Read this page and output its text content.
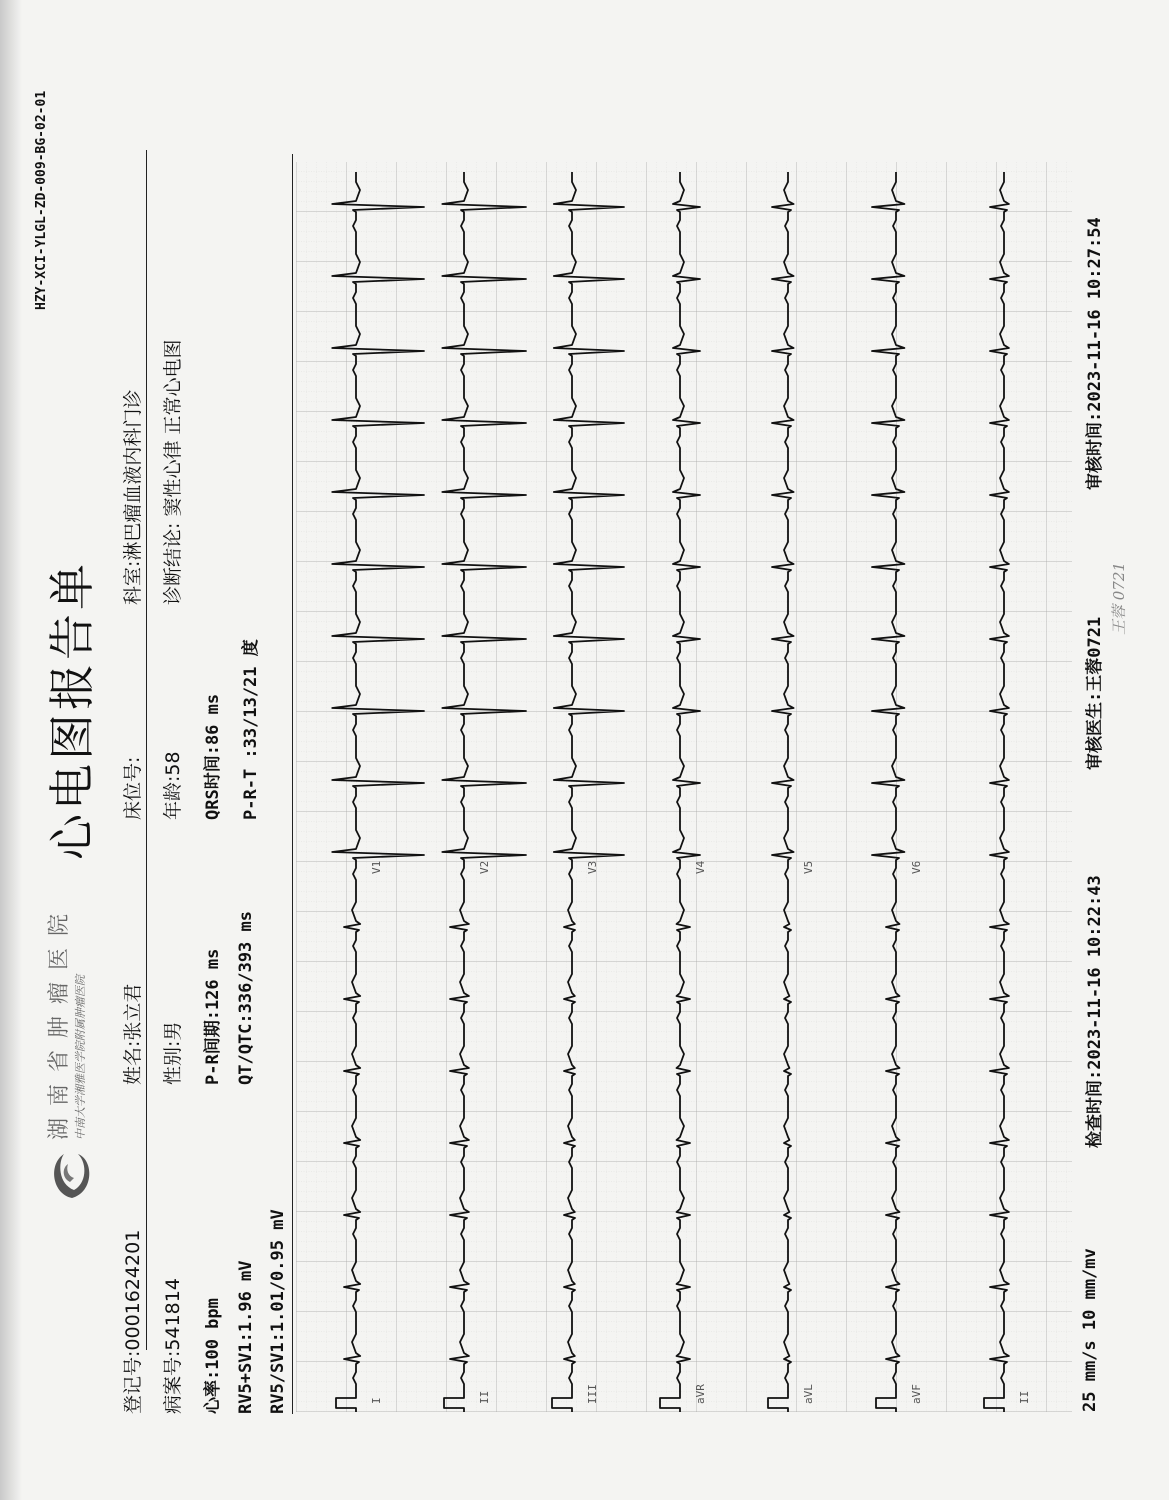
湖南省肿瘤医院 中南大学湘雅医学院附属肿瘤医院
心电图报告单
HZY-XCI-YLGL-ZD-009-BG-02-01
登记号:0001624201
姓名:张立君
床位号:
科室:淋巴瘤血液内科门诊
病案号:541814
性别:男
年龄:58
诊断结论: 窦性心律 正常心电图
心率:100 bpm
P-R间期:126 ms
QRS时间:86 ms
RV5+SV1:1.96 mV
QT/QTC:336/393 ms
P-R-T :33/13/21 度
RV5/SV1:1.01/0.95 mV	I
V1
II
V2
III
V3
aVR
V4
aVL
V5
aVF
V6
II	25 mm/s 10 mm/mv
检查时间:2023-11-16 10:22:43
审核医生:王蓉0721
审核时间:2023-11-16 10:27:54
王蓉 0721
